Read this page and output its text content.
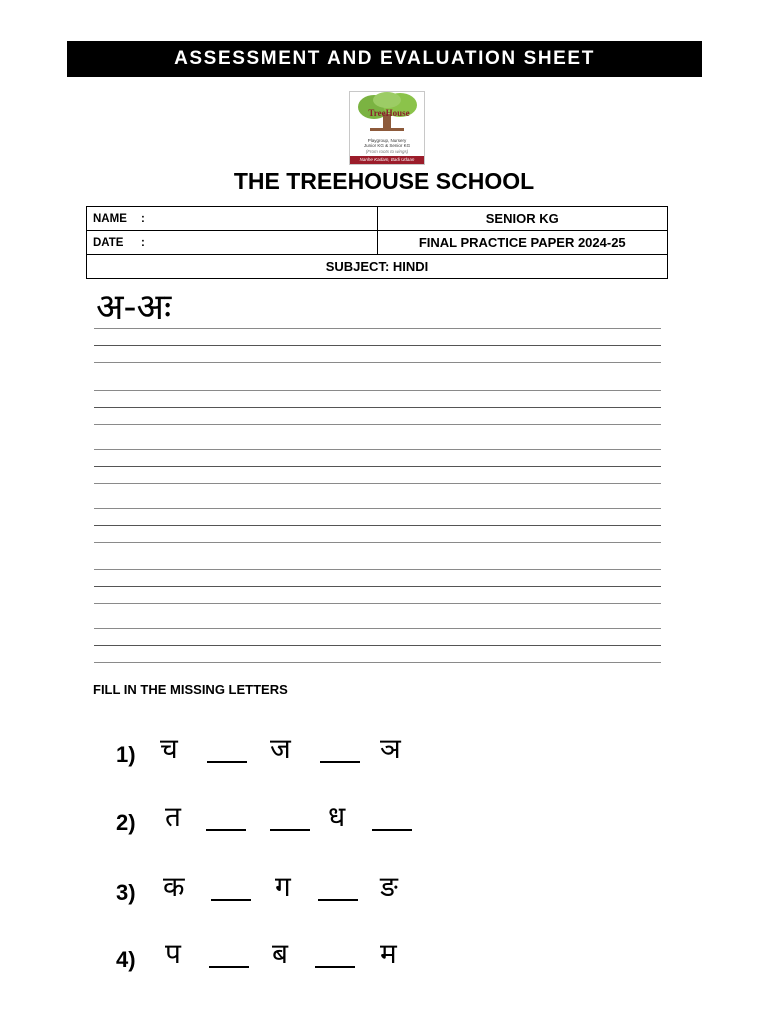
ASSESSMENT AND EVALUATION SHEET
TreeHouse
Playgroup, Nursery
Junior KG & Senior KG
(From roots to wings)
Nanhe Kadam, Badi Udaan
THE TREEHOUSE SCHOOL
NAME :	SENIOR KG
DATE :	FINAL PRACTICE PAPER 2024-25
SUBJECT: HINDI	
अ-अः
FILL IN THE MISSING LETTERS
1) च	ज	ञ
2) त	ध
3) क	ग	ङ
4) प	ब	म
